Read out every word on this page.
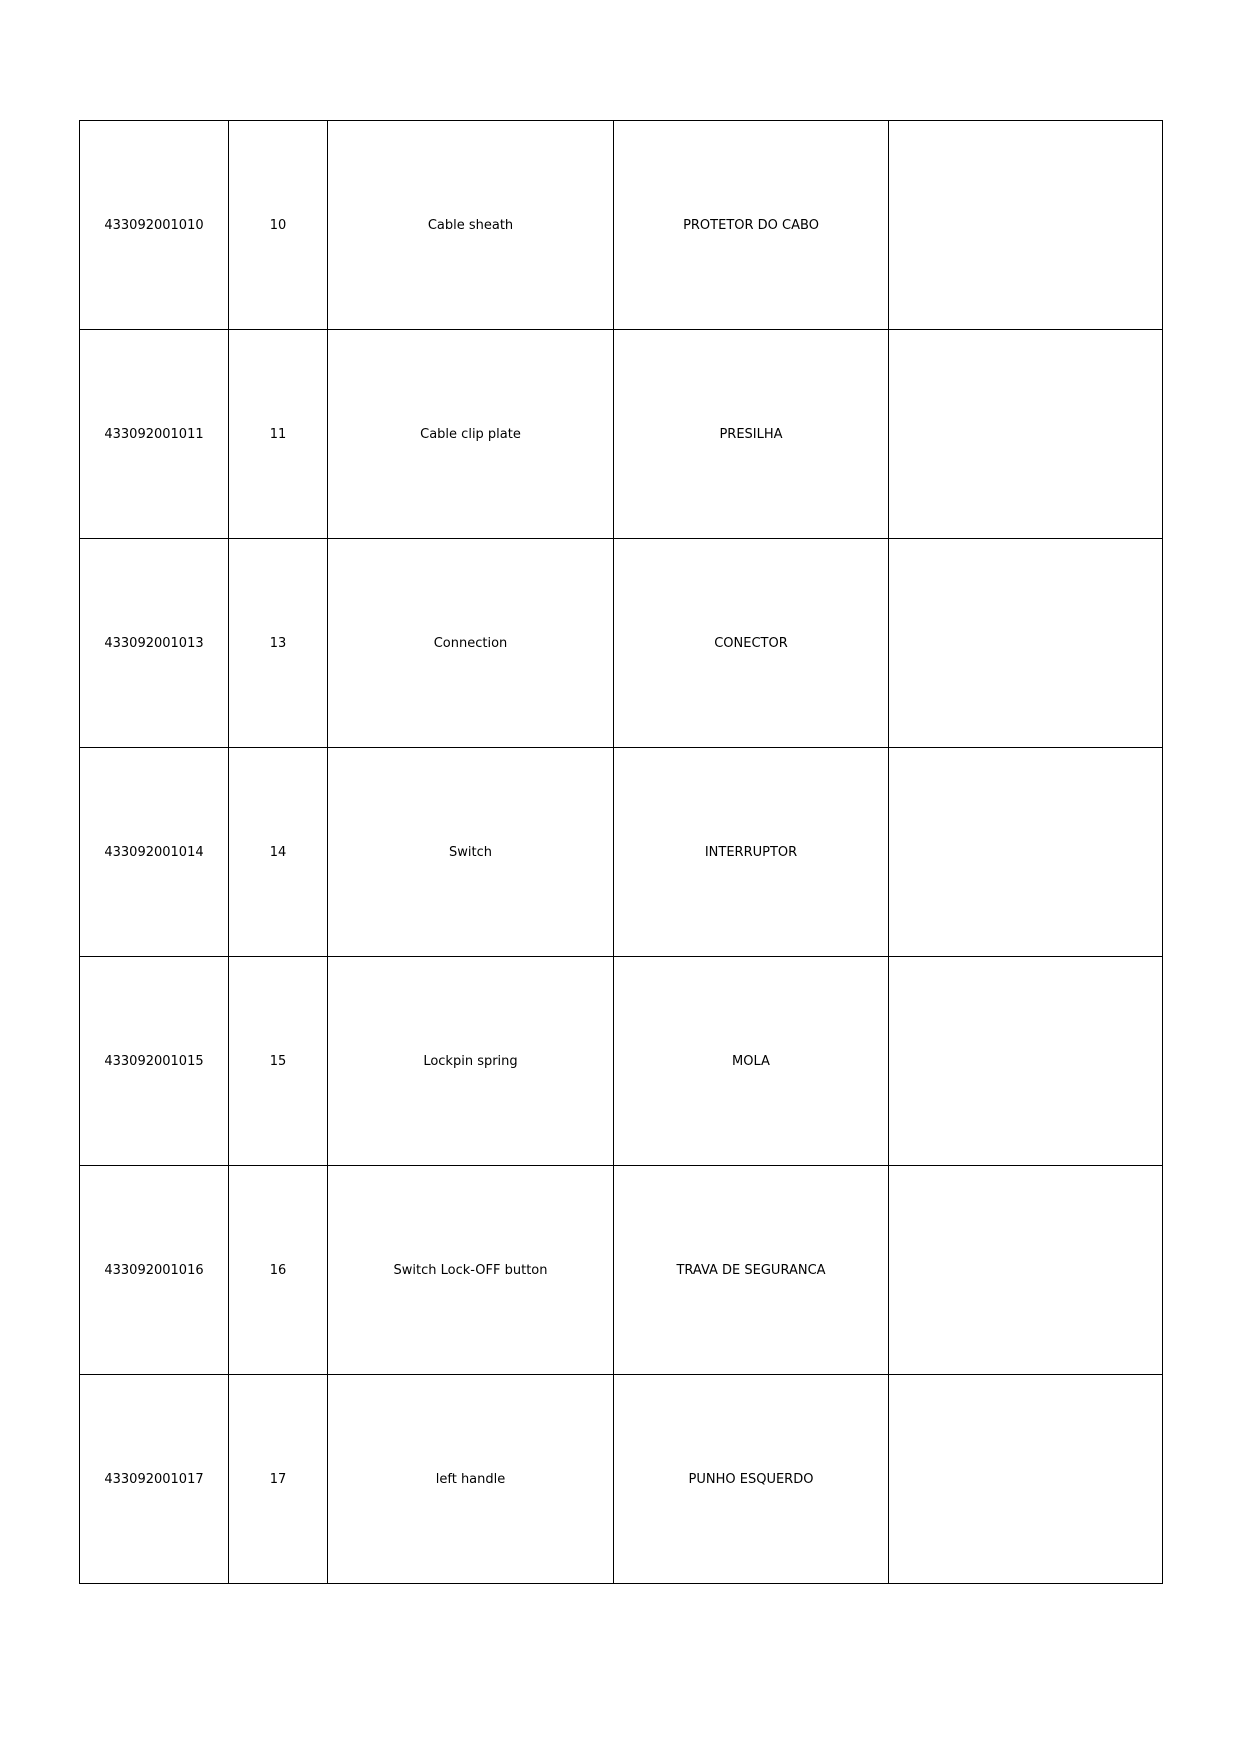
433092001010	10	Cable sheath	PROTETOR DO CABO	
433092001011	11	Cable clip plate	PRESILHA	
433092001013	13	Connection	CONECTOR	
433092001014	14	Switch	INTERRUPTOR	
433092001015	15	Lockpin spring	MOLA	
433092001016	16	Switch Lock-OFF button	TRAVA DE SEGURANCA	
433092001017	17	left handle	PUNHO ESQUERDO	
